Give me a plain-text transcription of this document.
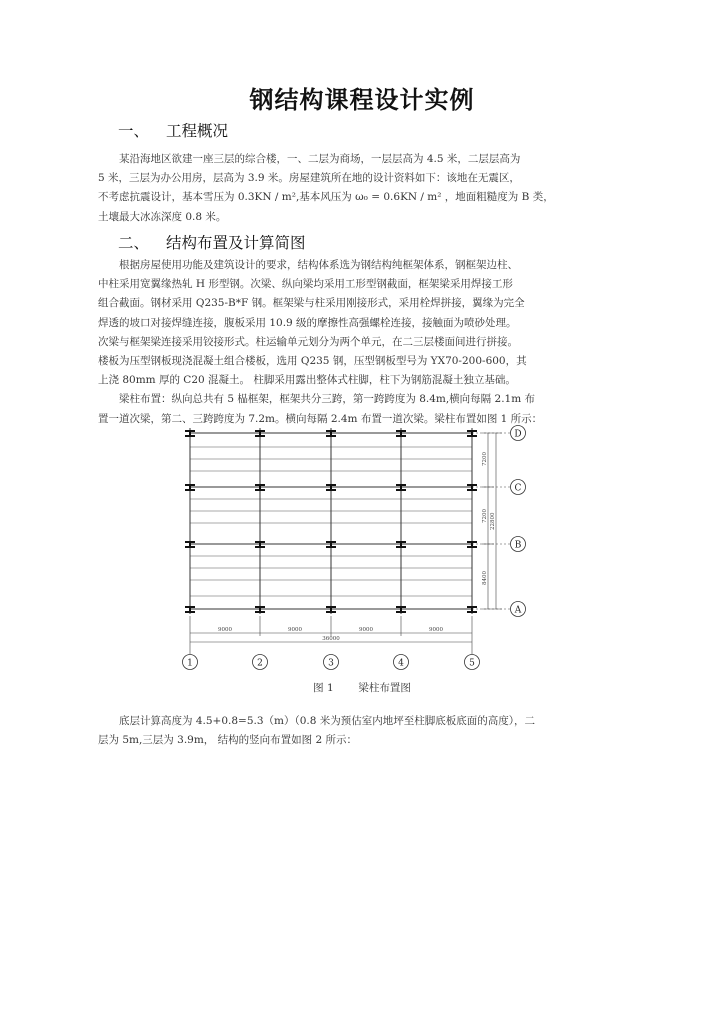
钢结构课程设计实例
一、 工程概况
某沿海地区欲建一座三层的综合楼，一、二层为商场，一层层高为 4.5 米，二层层高为
5 米，三层为办公用房，层高为 3.9 米。房屋建筑所在地的设计资料如下：该地在无震区，
不考虑抗震设计，基本雪压为 0.3KN / m²,基本风压为 ω₀ = 0.6KN / m² ，地面粗糙度为 B 类，
土壤最大冰冻深度 0.8 米。
二、 结构布置及计算简图
根据房屋使用功能及建筑设计的要求，结构体系选为钢结构纯框架体系，钢框架边柱、
中柱采用宽翼缘热轧 H 形型钢。次梁、纵向梁均采用工形型钢截面，框架梁采用焊接工形
组合截面。钢材采用 Q235-B*F 钢。框架梁与柱采用刚接形式，采用栓焊拼接，翼缘为完全
焊透的坡口对接焊缝连接，腹板采用 10.9 级的摩擦性高强螺栓连接，接触面为喷砂处理。
次梁与框架梁连接采用铰接形式。柱运输单元划分为两个单元，在二三层楼面间进行拼接。
楼板为压型钢板现浇混凝土组合楼板，选用 Q235 钢，压型钢板型号为 YX70-200-600，其
上浇 80mm 厚的 C20 混凝土。 柱脚采用露出整体式柱脚，柱下为钢筋混凝土独立基础。
梁柱布置：纵向总共有 5 榀框架，框架共分三跨，第一跨跨度为 8.4m,横向每隔 2.1m 布
置一道次梁，第二、三跨跨度为 7.2m。横向每隔 2.4m 布置一道次梁。梁柱布置如图 1 所示：
7200
7200
8400
22800
D
C
B
A
9000	9000	9000	9000
36000
1	2	3	4	5
图 1 梁柱布置图
底层计算高度为 4.5+0.8=5.3（m）（0.8 米为预估室内地坪至柱脚底板底面的高度），二
层为 5m,三层为 3.9m， 结构的竖向布置如图 2 所示：
